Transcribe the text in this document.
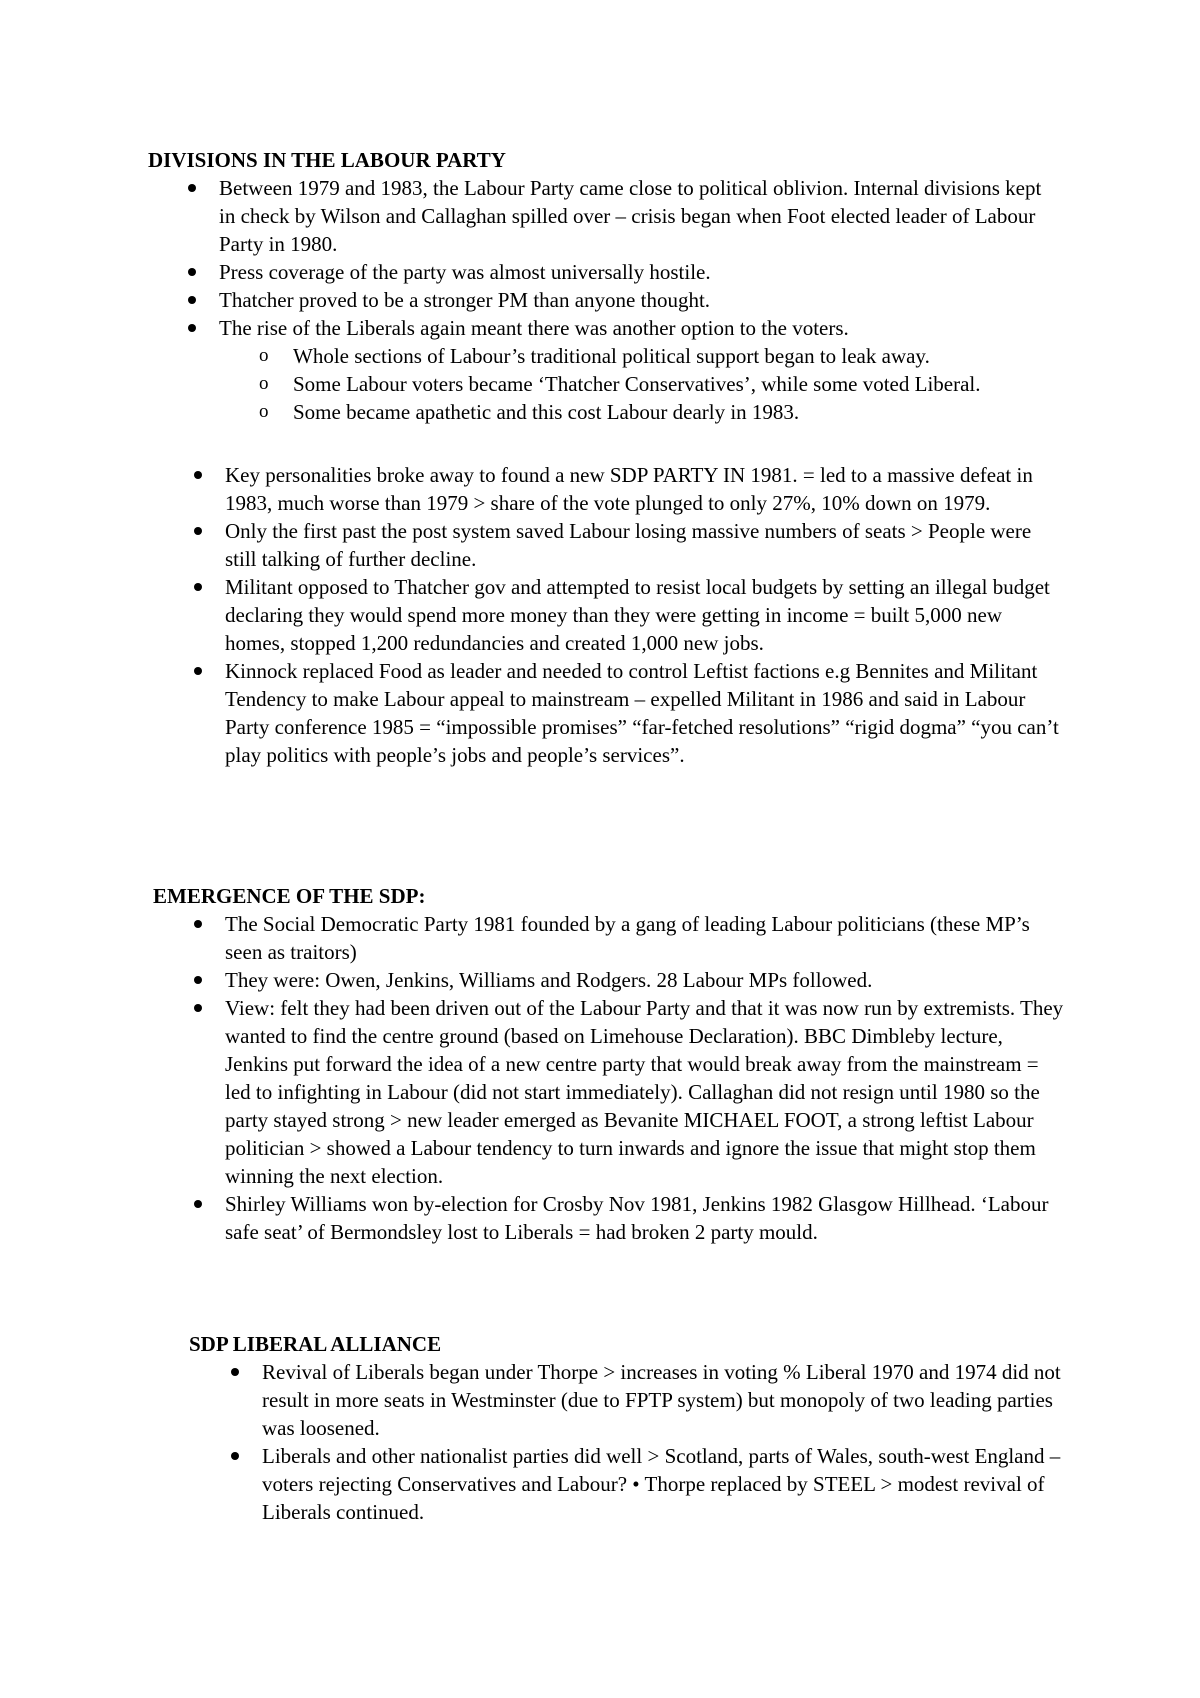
DIVISIONS IN THE LABOUR PARTY
Between 1979 and 1983, the Labour Party came close to political oblivion. Internal divisions kept in check by Wilson and Callaghan spilled over – crisis began when Foot elected leader of Labour Party in 1980.
Press coverage of the party was almost universally hostile.
Thatcher proved to be a stronger PM than anyone thought.
The rise of the Liberals again meant there was another option to the voters.
o Whole sections of Labour’s traditional political support began to leak away.
o Some Labour voters became ‘Thatcher Conservatives’, while some voted Liberal.
o Some became apathetic and this cost Labour dearly in 1983.
Key personalities broke away to found a new SDP PARTY IN 1981. = led to a massive defeat in 1983, much worse than 1979 > share of the vote plunged to only 27%, 10% down on 1979.
Only the first past the post system saved Labour losing massive numbers of seats > People were still talking of further decline.
Militant opposed to Thatcher gov and attempted to resist local budgets by setting an illegal budget declaring they would spend more money than they were getting in income = built 5,000 new homes, stopped 1,200 redundancies and created 1,000 new jobs.
Kinnock replaced Food as leader and needed to control Leftist factions e.g Bennites and Militant Tendency to make Labour appeal to mainstream – expelled Militant in 1986 and said in Labour Party conference 1985 = “impossible promises” “far-fetched resolutions” “rigid dogma” “you can’t play politics with people’s jobs and people’s services”.
EMERGENCE OF THE SDP:
The Social Democratic Party 1981 founded by a gang of leading Labour politicians (these MP’s seen as traitors)
They were: Owen, Jenkins, Williams and Rodgers. 28 Labour MPs followed.
View: felt they had been driven out of the Labour Party and that it was now run by extremists. They wanted to find the centre ground (based on Limehouse Declaration). BBC Dimbleby lecture, Jenkins put forward the idea of a new centre party that would break away from the mainstream = led to infighting in Labour (did not start immediately). Callaghan did not resign until 1980 so the party stayed strong > new leader emerged as Bevanite MICHAEL FOOT, a strong leftist Labour politician > showed a Labour tendency to turn inwards and ignore the issue that might stop them winning the next election.
Shirley Williams won by-election for Crosby Nov 1981, Jenkins 1982 Glasgow Hillhead. ‘Labour safe seat’ of Bermondsley lost to Liberals = had broken 2 party mould.
SDP LIBERAL ALLIANCE
Revival of Liberals began under Thorpe > increases in voting % Liberal 1970 and 1974 did not result in more seats in Westminster (due to FPTP system) but monopoly of two leading parties was loosened.
Liberals and other nationalist parties did well > Scotland, parts of Wales, south-west England – voters rejecting Conservatives and Labour? • Thorpe replaced by STEEL > modest revival of Liberals continued.
